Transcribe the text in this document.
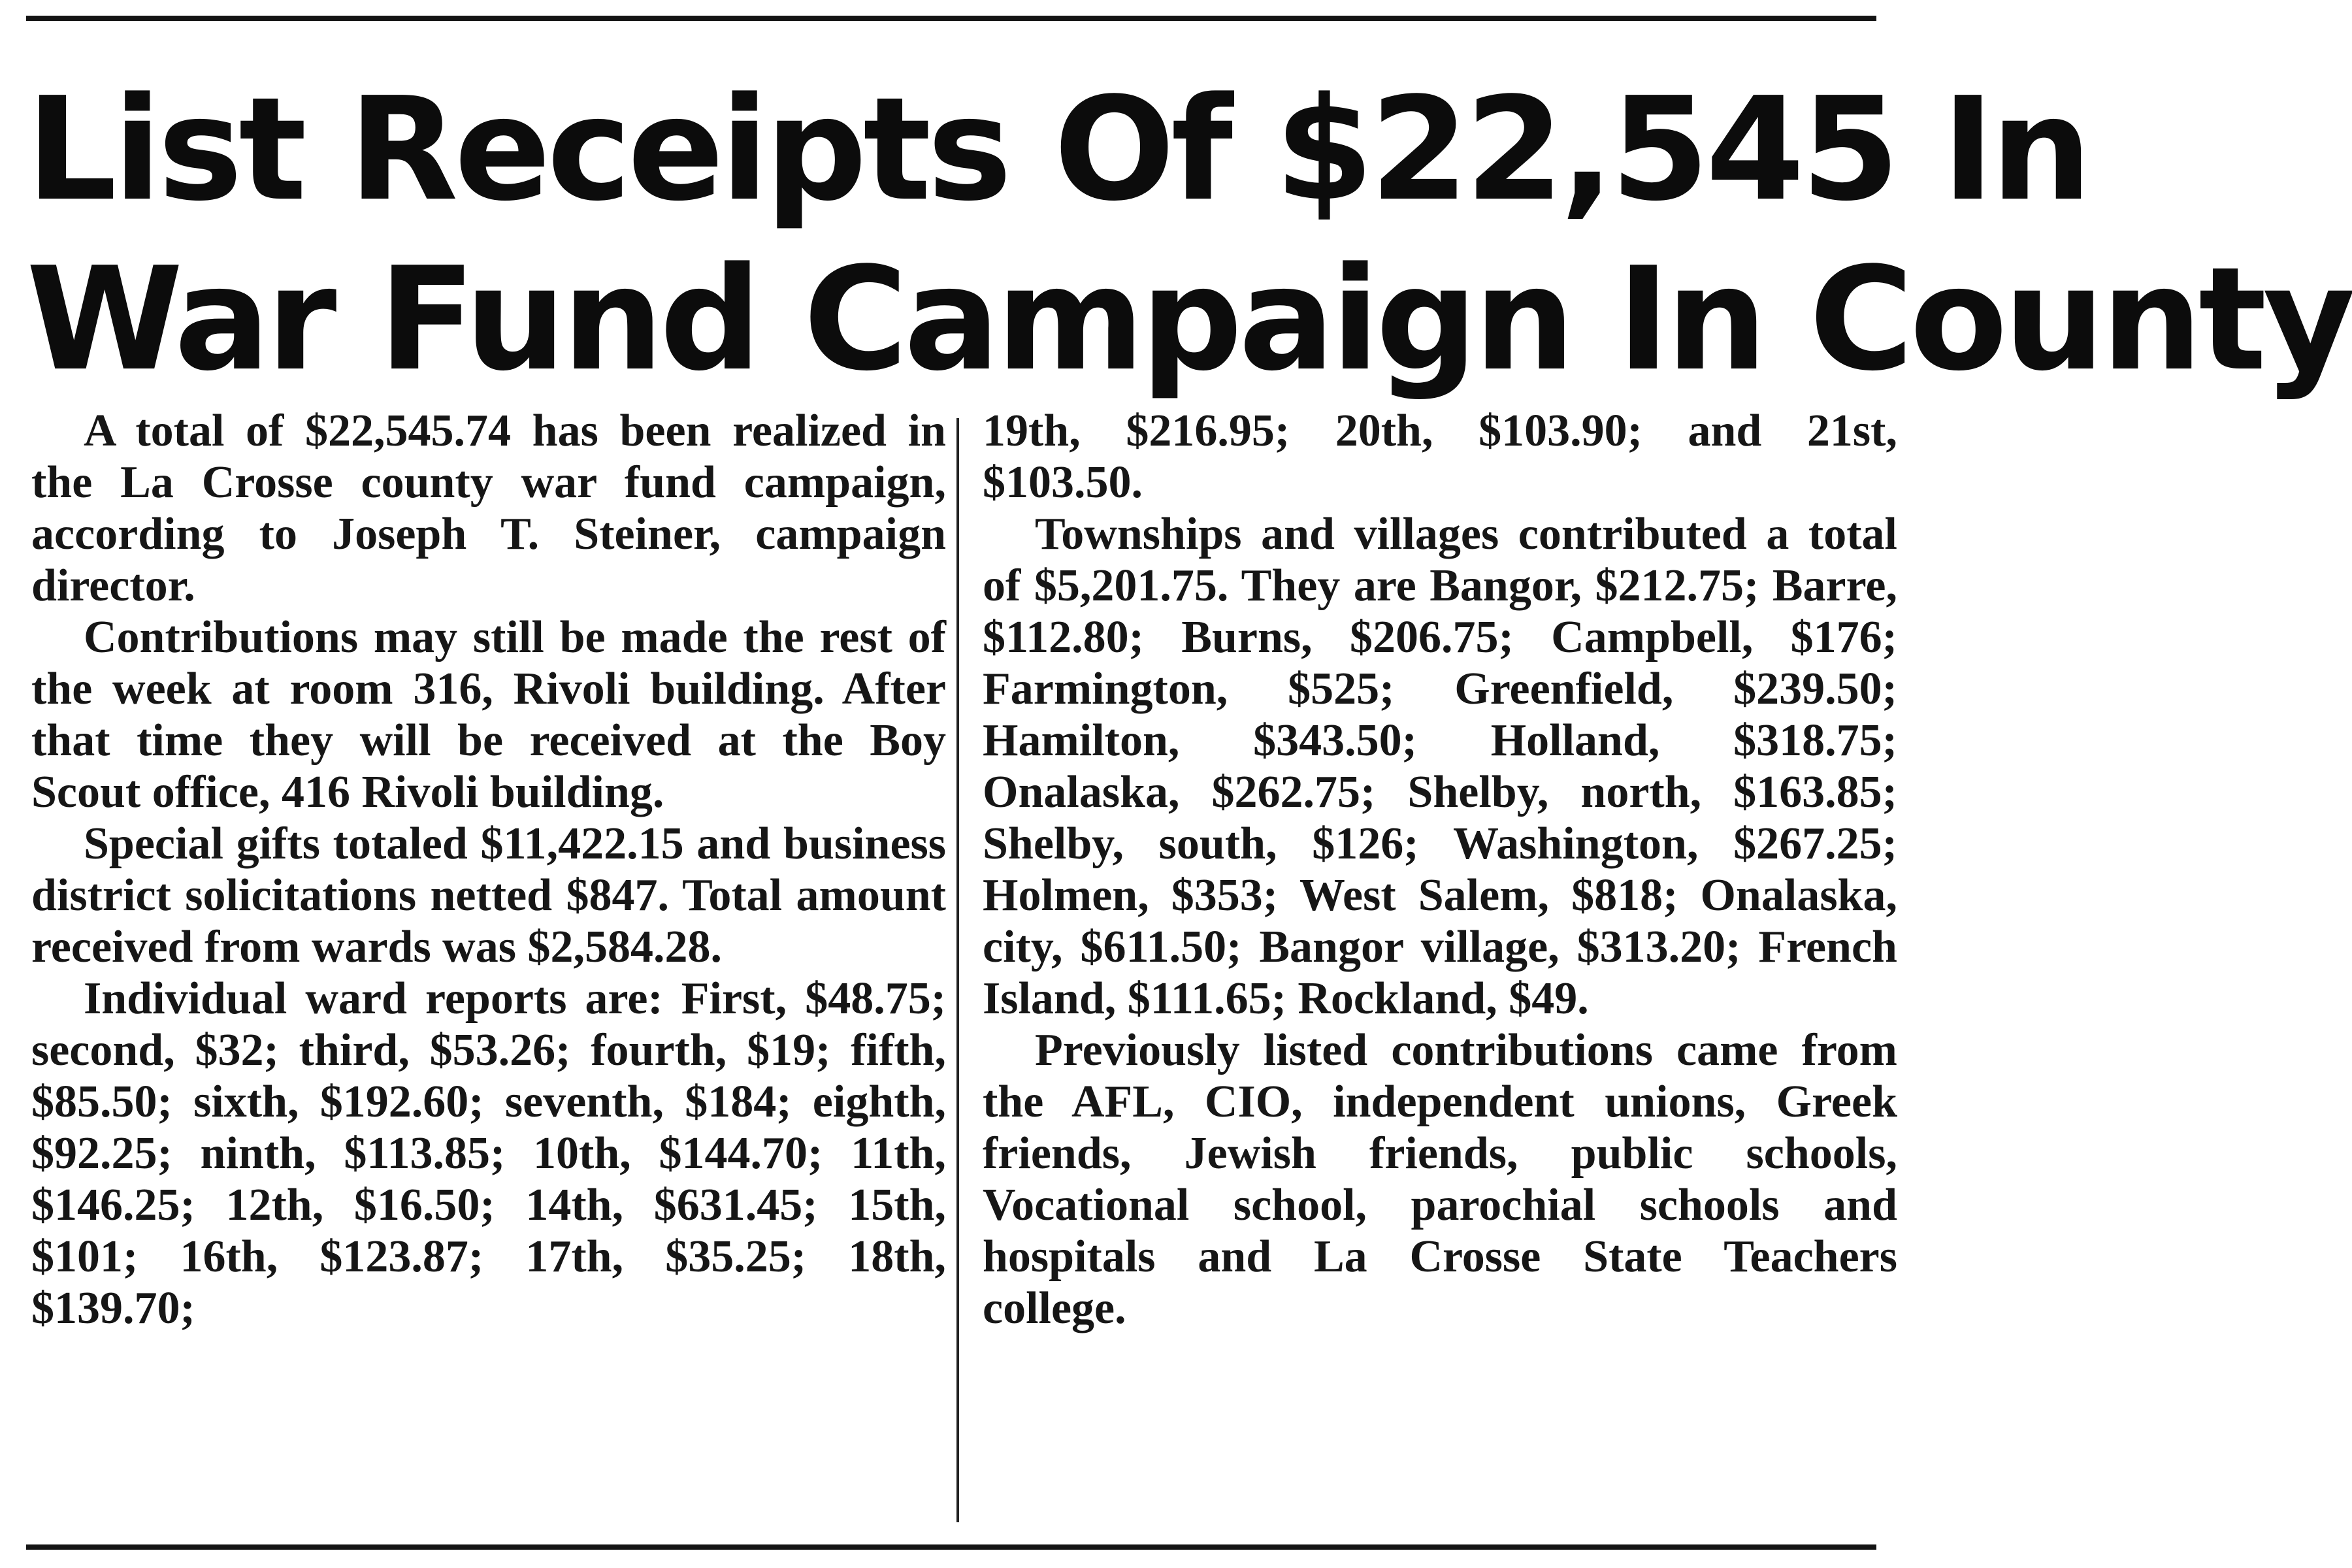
List Receipts Of $22,545 In
War Fund Campaign In County

A total of $22,545.74 has been realized in the La Crosse county war fund campaign, according to Joseph T. Steiner, campaign director.

Contributions may still be made the rest of the week at room 316, Rivoli building. After that time they will be received at the Boy Scout office, 416 Rivoli building.

Special gifts totaled $11,422.15 and business district solicitations netted $847. Total amount received from wards was $2,584.28.

Individual ward reports are: First, $48.75; second, $32; third, $53.26; fourth, $19; fifth, $85.50; sixth, $192.60; seventh, $184; eighth, $92.25; ninth, $113.85; 10th, $144.70; 11th, $146.25; 12th, $16.50; 14th, $631.45; 15th, $101; 16th, $123.87; 17th, $35.25; 18th, $139.70;

19th, $216.95; 20th, $103.90; and 21st, $103.50.

Townships and villages contributed a total of $5,201.75. They are Bangor, $212.75; Barre, $112.80; Burns, $206.75; Campbell, $176; Farmington, $525; Greenfield, $239.50; Hamilton, $343.50; Holland, $318.75; Onalaska, $262.75; Shelby, north, $163.85; Shelby, south, $126; Washington, $267.25; Holmen, $353; West Salem, $818; Onalaska, city, $611.50; Bangor village, $313.20; French Island, $111.65; Rockland, $49.

Previously listed contributions came from the AFL, CIO, independent unions, Greek friends, Jewish friends, public schools, Vocational school, parochial schools and hospitals and La Crosse State Teachers college.
